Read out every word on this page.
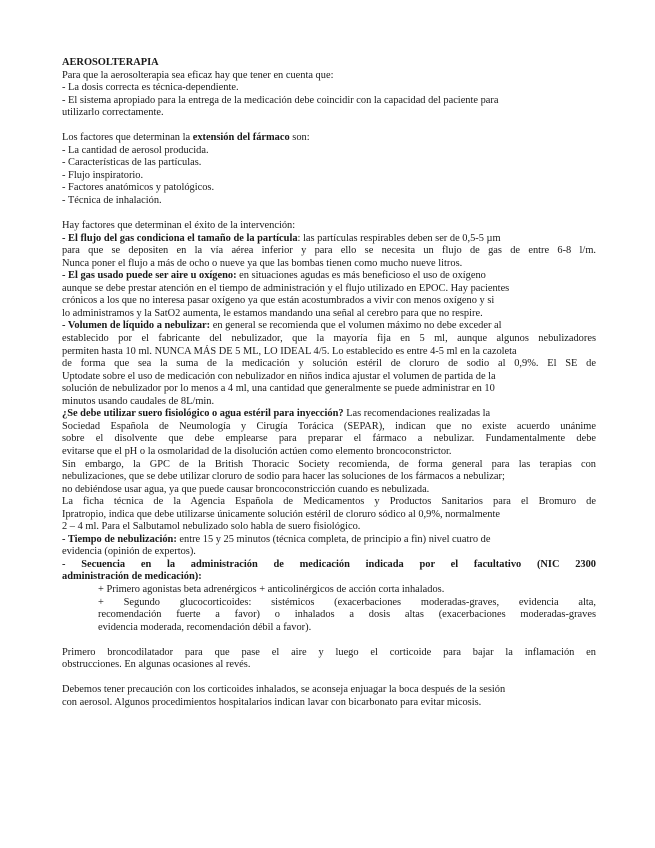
AEROSOLTERAPIA
Para que la aerosolterapia sea eficaz hay que tener en cuenta que:
- La dosis correcta es técnica-dependiente.
- El sistema apropiado para la entrega de la medicación debe coincidir con la capacidad del paciente para
utilizarlo correctamente.
Los factores que determinan la extensión del fármaco son:
- La cantidad de aerosol producida.
- Características de las partículas.
- Flujo inspiratorio.
- Factores anatómicos y patológicos.
- Técnica de inhalación.
Hay factores que determinan el éxito de la intervención:
- El flujo del gas condiciona el tamaño de la partícula: las partículas respirables deben ser de 0,5-5 µm
para que se depositen en la vía aérea inferior y para ello se necesita un flujo de gas de entre 6-8 l/m.
Nunca poner el flujo a más de ocho o nueve ya que las bombas tienen como mucho nueve litros.
- El gas usado puede ser aire u oxígeno: en situaciones agudas es más beneficioso el uso de oxígeno
aunque se debe prestar atención en el tiempo de administración y el flujo utilizado en EPOC. Hay pacientes
crónicos a los que no interesa pasar oxígeno ya que están acostumbrados a vivir con menos oxígeno y si
lo administramos y la SatO2 aumenta, le estamos mandando una señal al cerebro para que no respire.
- Volumen de líquido a nebulizar: en general se recomienda que el volumen máximo no debe exceder al
establecido por el fabricante del nebulizador, que la mayoría fija en 5 ml, aunque algunos nebulizadores
permiten hasta 10 ml. NUNCA MÁS DE 5 ML, LO IDEAL 4/5. Lo establecido es entre 4-5 ml en la cazoleta
de forma que sea la suma de la medicación y solución estéril de cloruro de sodio al 0,9%. El SE de
Uptodate sobre el uso de medicación con nebulizador en niños indica ajustar el volumen de partida de la
solución de nebulizador por lo menos a 4 ml, una cantidad que generalmente se puede administrar en 10
minutos usando caudales de 8L/min.
¿Se debe utilizar suero fisiológico o agua estéril para inyección? Las recomendaciones realizadas la
Sociedad Española de Neumología y Cirugía Torácica (SEPAR), indican que no existe acuerdo unánime
sobre el disolvente que debe emplearse para preparar el fármaco a nebulizar. Fundamentalmente debe
evitarse que el pH o la osmolaridad de la disolución actúen como elemento broncoconstrictor.
Sin embargo, la GPC de la British Thoracic Society recomienda, de forma general para las terapias con
nebulizaciones, que se debe utilizar cloruro de sodio para hacer las soluciones de los fármacos a nebulizar;
no debiéndose usar agua, ya que puede causar broncoconstricción cuando es nebulizada.
La ficha técnica de la Agencia Española de Medicamentos y Productos Sanitarios para el Bromuro de
Ipratropio, indica que debe utilizarse únicamente solución estéril de cloruro sódico al 0,9%, normalmente
2 – 4 ml. Para el Salbutamol nebulizado solo habla de suero fisiológico.
- Tiempo de nebulización: entre 15 y 25 minutos (técnica completa, de principio a fin) nivel cuatro de
evidencia (opinión de expertos).
- Secuencia en la administración de medicación indicada por el facultativo (NIC 2300
administración de medicación):
+ Primero agonistas beta adrenérgicos + anticolinérgicos de acción corta inhalados.
+ Segundo glucocorticoides: sistémicos (exacerbaciones moderadas-graves, evidencia alta,
recomendación fuerte a favor) o inhalados a dosis altas (exacerbaciones moderadas-graves
evidencia moderada, recomendación débil a favor).
Primero broncodilatador para que pase el aire y luego el corticoide para bajar la inflamación en
obstrucciones. En algunas ocasiones al revés.
Debemos tener precaución con los corticoides inhalados, se aconseja enjuagar la boca después de la sesión
con aerosol. Algunos procedimientos hospitalarios indican lavar con bicarbonato para evitar micosis.
